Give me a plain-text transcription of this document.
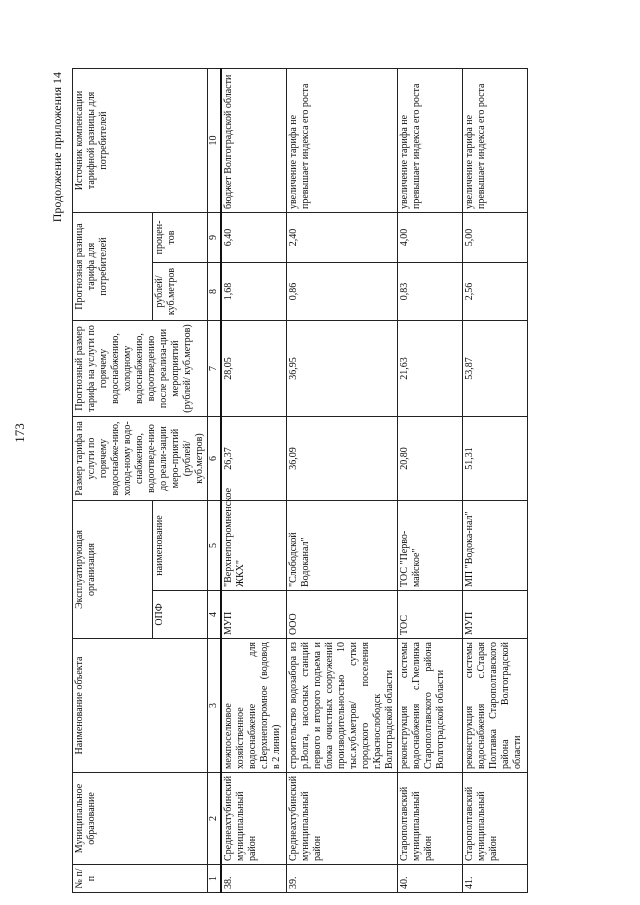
173
Продолжение приложения 14
№ п/п	Муниципальное образование	Наименование объекта	Эксплуатирующая организация		Размер тарифа на услуги по горячему водоснабже-нию, холод-ному водо-снабжению, водоотведе-нию до реали-зации меро-приятий (рублей/ куб.метров)	Прогнозный размер тарифа на услуги по горячему водоснабжению, холодному водоснабжению, водоотведению после реализа-ции мероприятий (рублей/ куб.метров)	Прогнозная разница тарифа для потребителей		Источник компенсации тарифной разницы для потребителей
			ОПФ	наименование			рублей/ куб.метров	процен-тов	
1	2	3	4	5	6	7	8	9	10
38.	Среднеахтубинский муниципальный район	межпоселковое хозяйственное водоснабжение для с.Верхнепогромное (водовод в 2 линии)	МУП	"Верхнепогромненское ЖКХ"	26,37	28,05	1,68	6,40	бюджет Волгоградской области
39.	Среднеахтубинский муниципальный район	строительство водозабора из р.Волга, насосных станций первого и второго подъема и блока очистных сооружений производительностью 10 тыс.куб.метров/ сутки городского поселения г.Краснослободск Волгоградской области	ООО	"Слободской Водоканал"	36,09	36,95	0,86	2,40	увеличение тарифа не превышает индекса его роста
40.	Старополтавский муниципальный район	реконструкция системы водоснабжения с.Гмелинка Старополтавского района Волгоградской области	ТОС	ТОС "Перво-майское"	20,80	21,63	0,83	4,00	увеличение тарифа не превышает индекса его роста
41.	Старополтавский муниципальный район	реконструкция системы водоснабжения с.Старая Полтавка Старополтавского района Волгоградской области	МУП	МП "Водока-нал"	51,31	53,87	2,56	5,00	увеличение тарифа не превышает индекса его роста
